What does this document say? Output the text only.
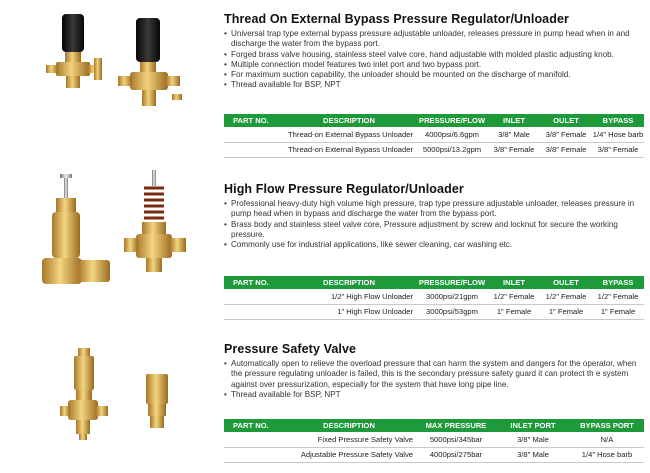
Thread On External Bypass Pressure Regulator/Unloader
• Universal trap type external bypass pressure adjustable unloader, releases pressure in pump head when in and discharge the water from the bypass port.
• Forged brass valve housing, stainless steel valve core, hand adjustable with molded plastic adjusting knob.
• Multiple connection model features two inlet port and two bypass port.
• For maximum suction capability, the unloader should be mounted on the discharge of manifold.
• Thread available for BSP, NPT
PART NO.	DESCRIPTION	PRESSURE/FLOW	INLET	OULET	BYPASS
	Thread-on External Bypass Unloader	4000psi/6.6gpm	3/8" Male	3/8" Female	1/4" Hose barb
	Thread-on External Bypass Unloader	5000psi/13.2gpm	3/8" Female	3/8" Female	3/8" Female
High Flow Pressure Regulator/Unloader
• Professional heavy-duty high volume high pressure, trap type pressure adjustable unloader, releases pressure in pump head when in bypass and discharge the water from the bypass port.
• Brass body and stainless steel valve core, Pressure adjustment by screw and locknut for secure the working pressure.
• Commonly use for industrial applications, like sewer cleaning, car washing etc.
PART NO.	DESCRIPTION	PRESSURE/FLOW	INLET	OULET	BYPASS
	1/2" High Flow Unloader	3000psi/21gpm	1/2" Female	1/2" Female	1/2" Female
	1" High Flow Unloader	3000psi/53gpm	1" Female	1" Female	1" Female
Pressure Safety Valve
• Automatically open to relieve the overload pressure that can harm the system and dangers for the operator, when the pressure regulating unloader is failed, this is the secondary pressure safety guard it can protect th e system against over pressurization, especially for the system that have long pipe line.
• Thread available for BSP, NPT
PART NO.	DESCRIPTION	MAX PRESSURE	INLET PORT	BYPASS PORT
	Fixed Pressure Safety Valve	5000psi/345bar	3/8" Male	N/A
	Adjustable Pressure Safety Valve	4000psi/275bar	3/8" Male	1/4" Hose barb
